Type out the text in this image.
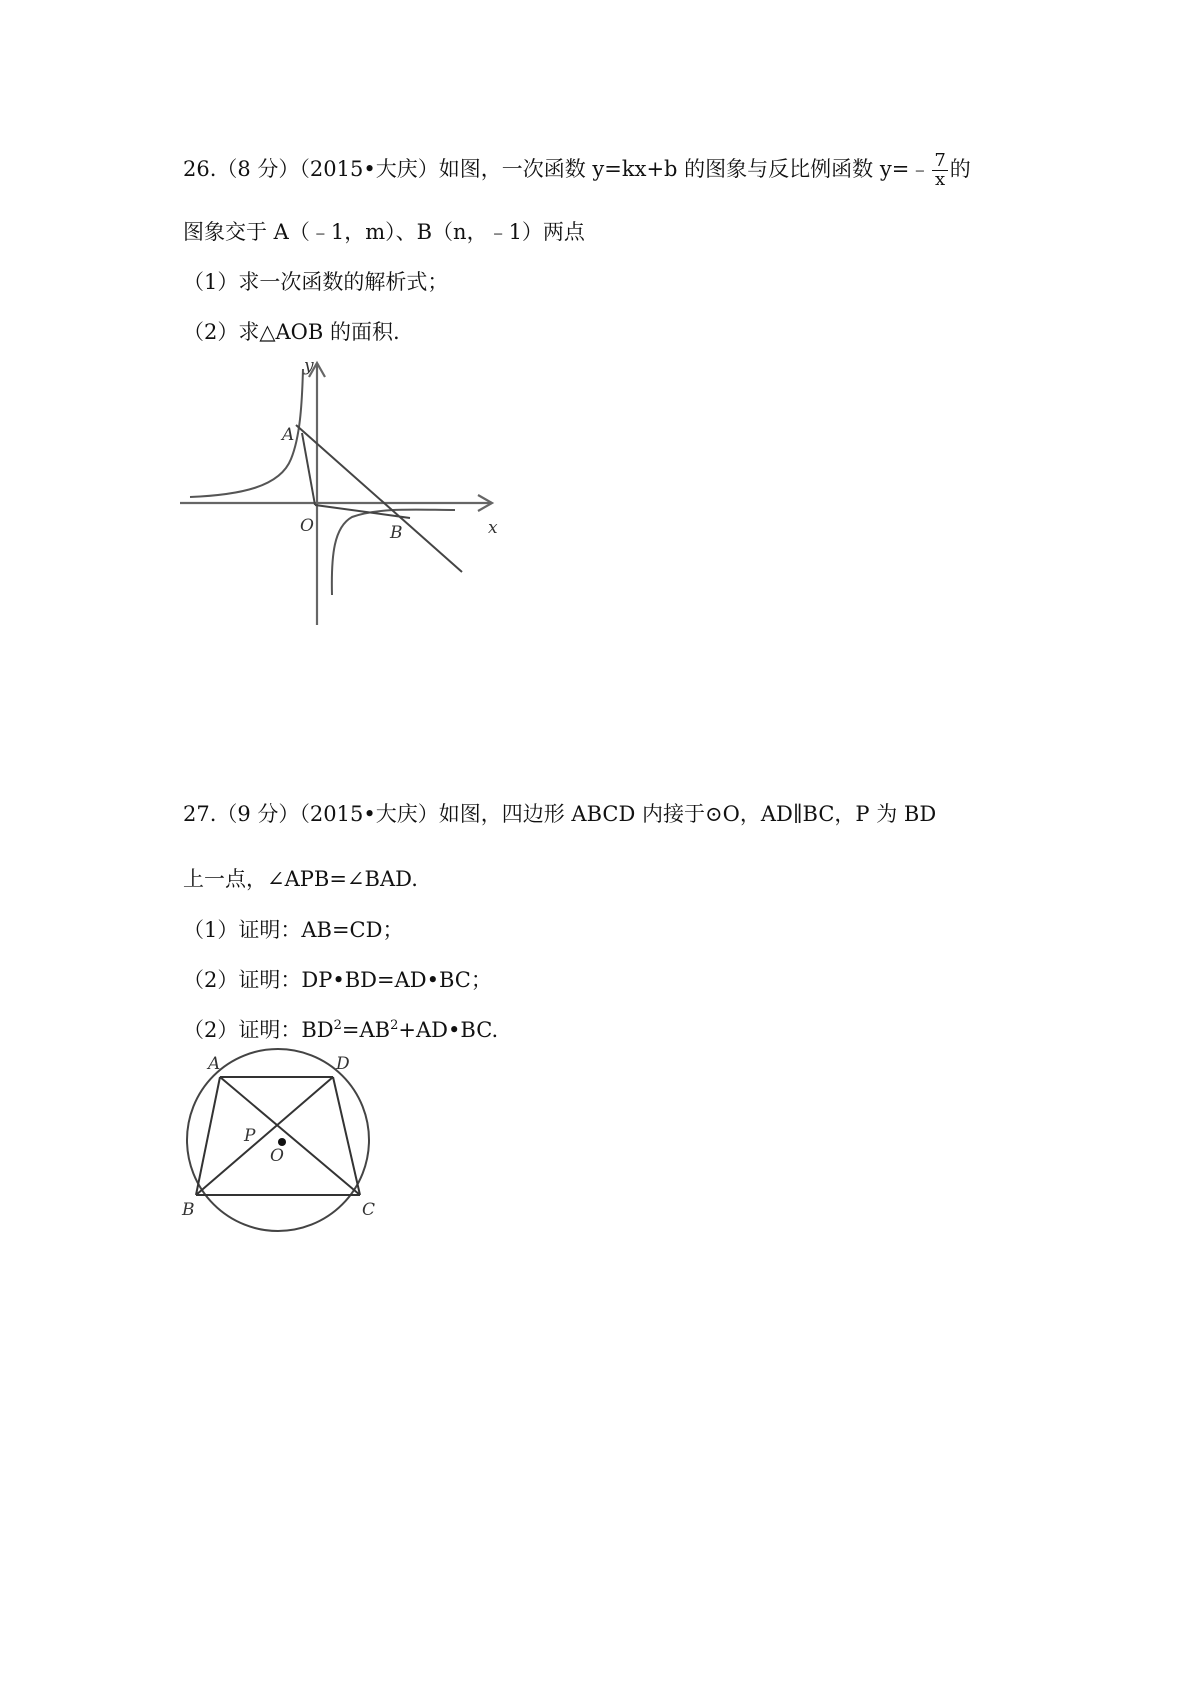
26.（8 分）（2015•大庆）如图，一次函数 y=kx+b 的图象与反比例函数 y=﹣ $\frac{7}{x}$ 的
图象交于 A（﹣1，m）、B（n，﹣1）两点
（1）求一次函数的解析式；
（2）求△AOB 的面积.
y
x
A
O	B
27.（9 分）（2015•大庆）如图，四边形 ABCD 内接于⊙O，AD∥BC，P 为 BD
上一点，∠APB=∠BAD.
（1）证明：AB=CD；
（2）证明：DP•BD=AD•BC；
（2）证明：$BD^2=AB^2+AD•BC$.
A	D
P
O
B	C
